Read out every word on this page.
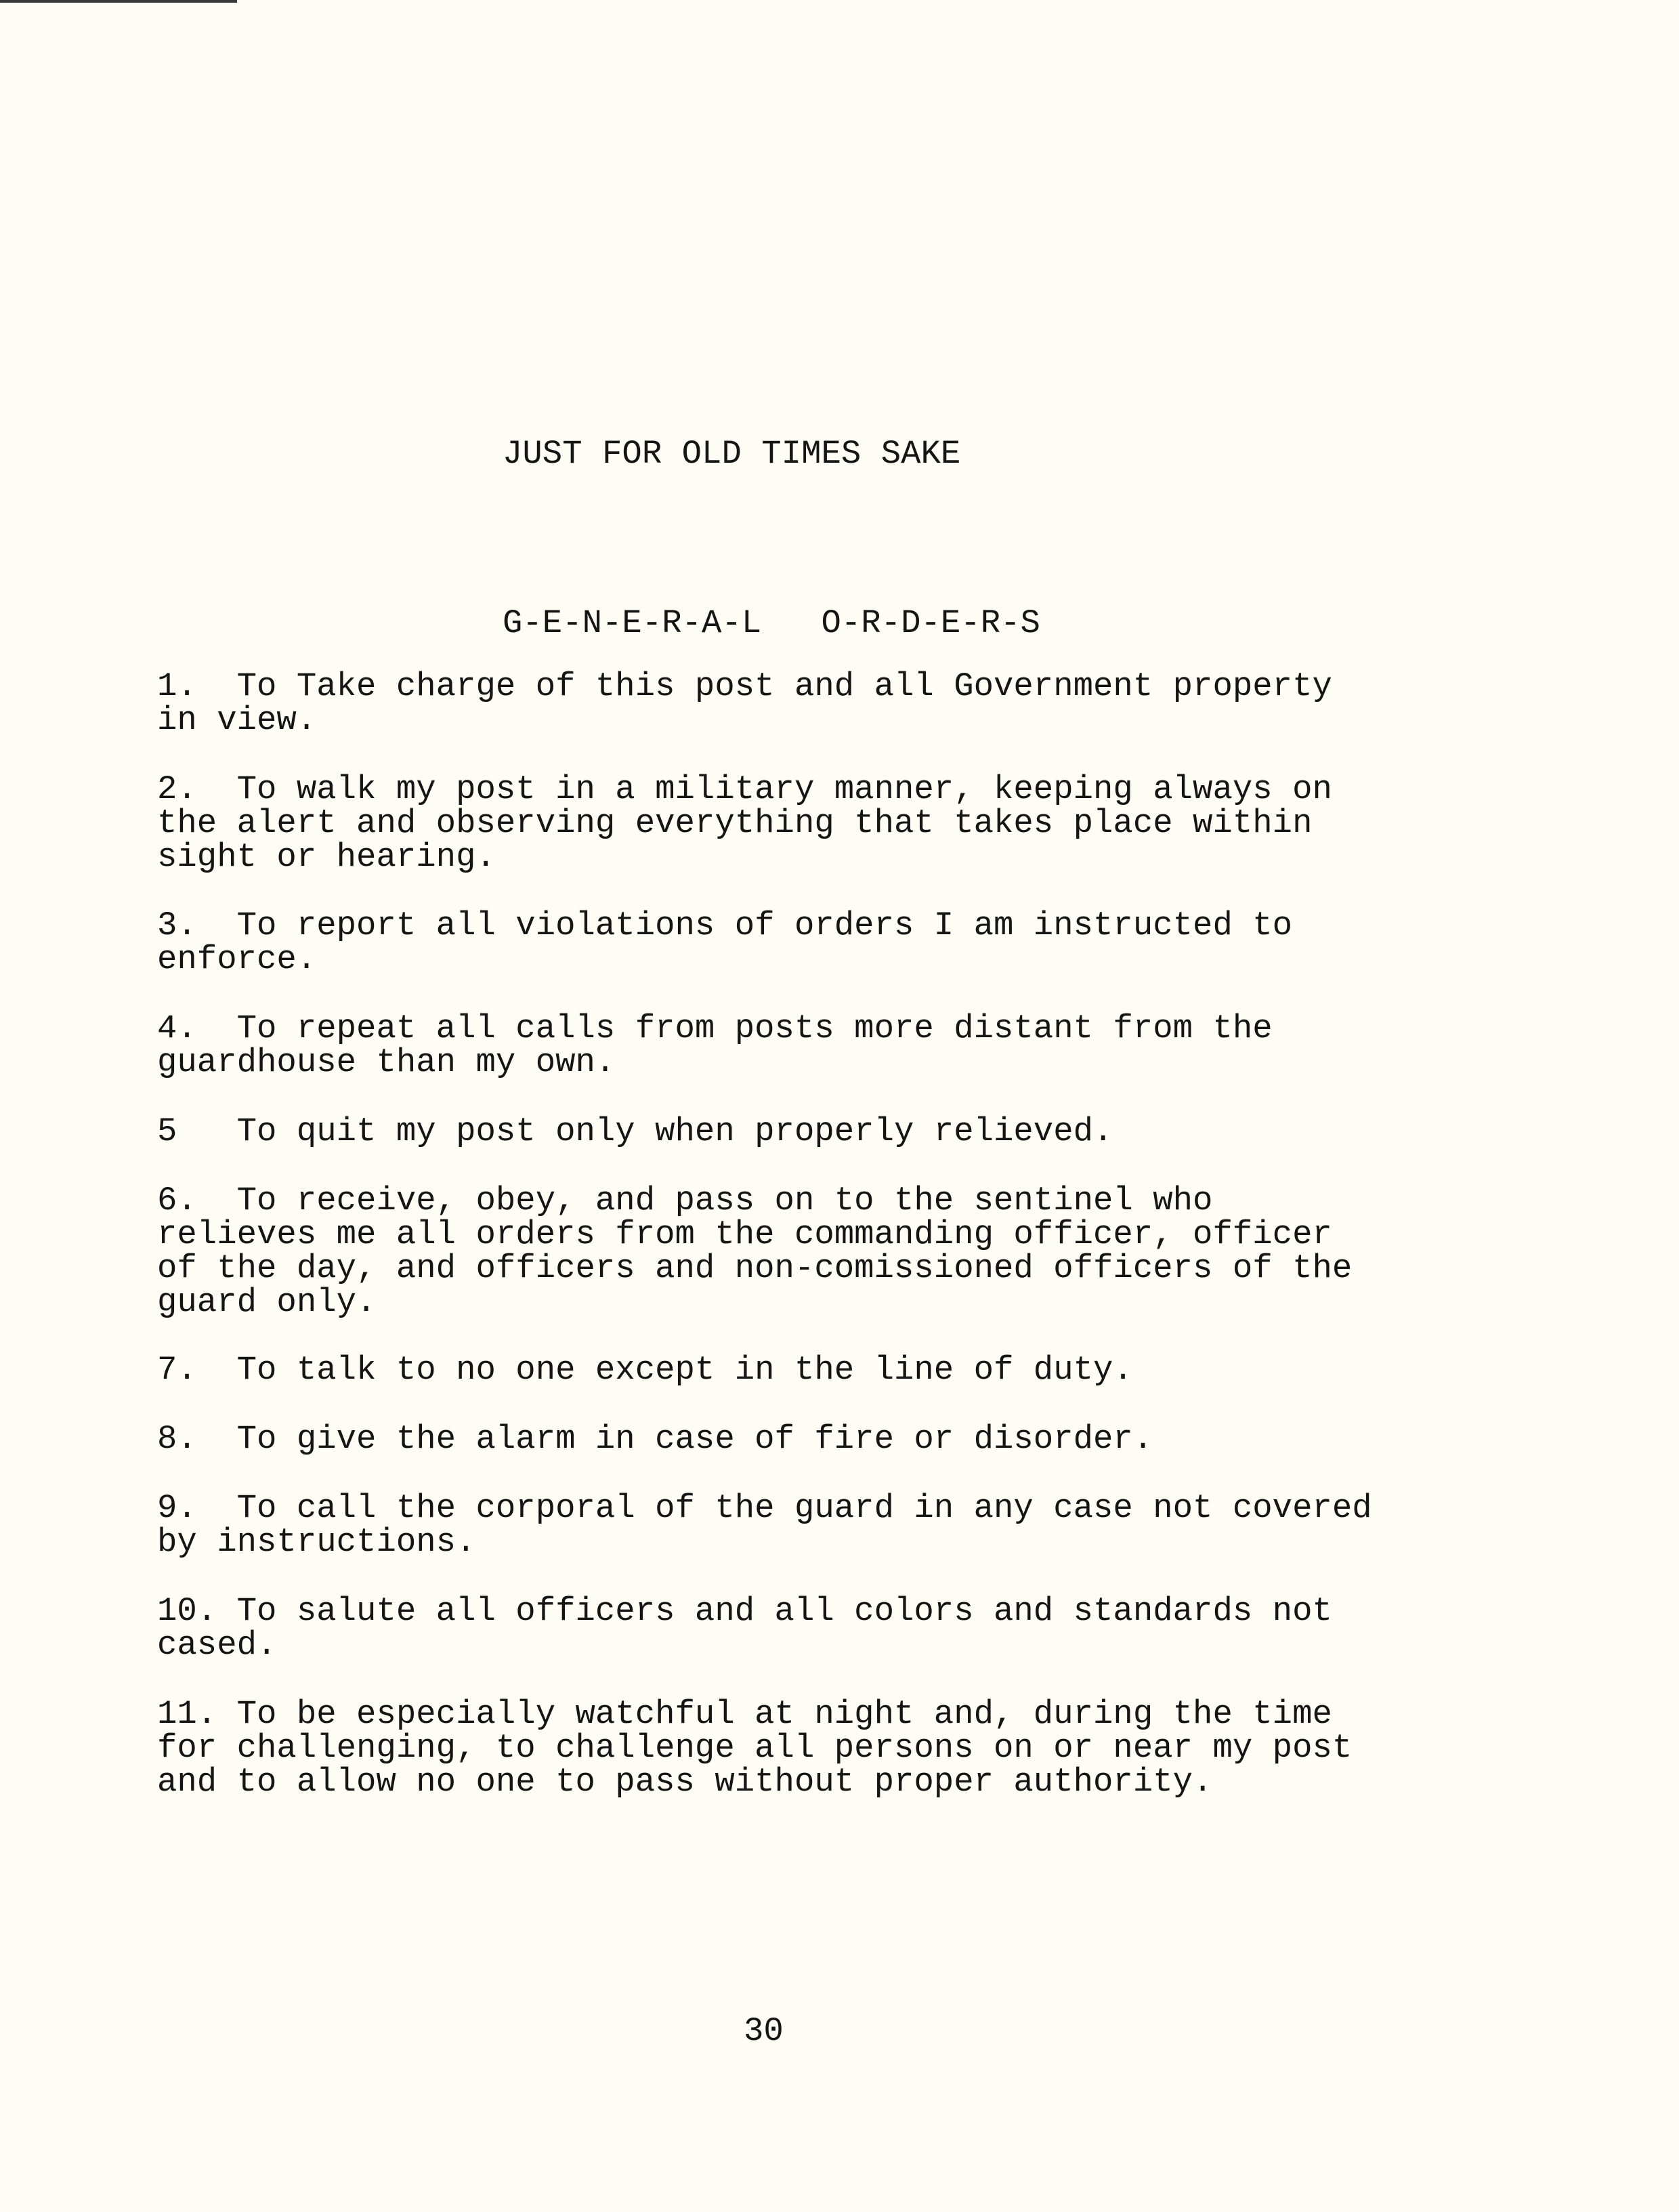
JUST FOR OLD TIMES SAKE
G-E-N-E-R-A-L   O-R-D-E-R-S
1.  To Take charge of this post and all Government property
in view.
2.  To walk my post in a military manner, keeping always on
the alert and observing everything that takes place within
sight or hearing.
3.  To report all violations of orders I am instructed to
enforce.
4.  To repeat all calls from posts more distant from the
guardhouse than my own.
5   To quit my post only when properly relieved.
6.  To receive, obey, and pass on to the sentinel who
relieves me all orders from the commanding officer, officer
of the day, and officers and non-comissioned officers of the
guard only.
7.  To talk to no one except in the line of duty.
8.  To give the alarm in case of fire or disorder.
9.  To call the corporal of the guard in any case not covered
by instructions.
10. To salute all officers and all colors and standards not
cased.
11. To be especially watchful at night and, during the time
for challenging, to challenge all persons on or near my post
and to allow no one to pass without proper authority.
30
